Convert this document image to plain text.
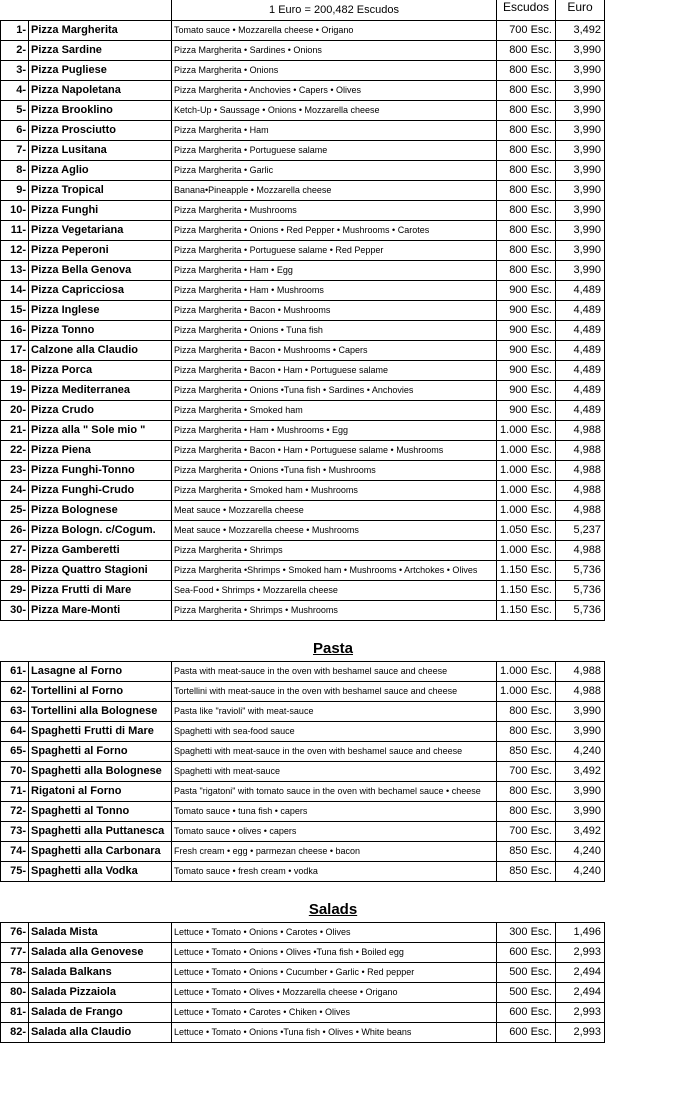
		1 Euro = 200,482 Escudos	Escudos	Euro
1-	Pizza Margherita	Tomato sauce • Mozzarella cheese • Origano	700 Esc.	3,492
2-	Pizza Sardine	Pizza Margherita • Sardines • Onions	800 Esc.	3,990
3-	Pizza Pugliese	Pizza Margherita • Onions	800 Esc.	3,990
4-	Pizza Napoletana	Pizza Margherita • Anchovies • Capers • Olives	800 Esc.	3,990
5-	Pizza Brooklino	Ketch-Up • Saussage • Onions • Mozzarella cheese	800 Esc.	3,990
6-	Pizza Prosciutto	Pizza Margherita • Ham	800 Esc.	3,990
7-	Pizza Lusitana	Pizza Margherita • Portuguese salame	800 Esc.	3,990
8-	Pizza Aglio	Pizza Margherita • Garlic	800 Esc.	3,990
9-	Pizza Tropical	Banana•Pineapple • Mozzarella cheese	800 Esc.	3,990
10-	Pizza Funghi	Pizza Margherita • Mushrooms	800 Esc.	3,990
11-	Pizza Vegetariana	Pizza Margherita • Onions • Red Pepper • Mushrooms • Carotes	800 Esc.	3,990
12-	Pizza Peperoni	Pizza Margherita • Portuguese salame • Red Pepper	800 Esc.	3,990
13-	Pizza Bella Genova	Pizza Margherita • Ham • Egg	800 Esc.	3,990
14-	Pizza Capricciosa	Pizza Margherita • Ham • Mushrooms	900 Esc.	4,489
15-	Pizza Inglese	Pizza Margherita • Bacon • Mushrooms	900 Esc.	4,489
16-	Pizza Tonno	Pizza Margherita • Onions • Tuna fish	900 Esc.	4,489
17-	Calzone alla Claudio	Pizza Margherita • Bacon • Mushrooms • Capers	900 Esc.	4,489
18-	Pizza Porca	Pizza Margherita • Bacon • Ham • Portuguese salame	900 Esc.	4,489
19-	Pizza Mediterranea	Pizza Margherita • Onions •Tuna fish • Sardines • Anchovies	900 Esc.	4,489
20-	Pizza Crudo	Pizza Margherita • Smoked ham	900 Esc.	4,489
21-	Pizza alla " Sole mio "	Pizza Margherita • Ham • Mushrooms • Egg	1.000 Esc.	4,988
22-	Pizza Piena	Pizza Margherita • Bacon • Ham • Portuguese salame • Mushrooms	1.000 Esc.	4,988
23-	Pizza Funghi-Tonno	Pizza Margherita • Onions •Tuna fish • Mushrooms	1.000 Esc.	4,988
24-	Pizza Funghi-Crudo	Pizza Margherita • Smoked ham • Mushrooms	1.000 Esc.	4,988
25-	Pizza Bolognese	Meat sauce • Mozzarella cheese	1.000 Esc.	4,988
26-	Pizza Bologn. c/Cogum.	Meat sauce • Mozzarella cheese • Mushrooms	1.050 Esc.	5,237
27-	Pizza Gamberetti	Pizza Margherita • Shrimps	1.000 Esc.	4,988
28-	Pizza Quattro Stagioni	Pizza Margherita •Shrimps • Smoked ham • Mushrooms • Artchokes • Olives	1.150 Esc.	5,736
29-	Pizza Frutti di Mare	Sea-Food • Shrimps • Mozzarella cheese	1.150 Esc.	5,736
30-	Pizza Mare-Monti	Pizza Margherita • Shrimps • Mushrooms	1.150 Esc.	5,736
Pasta
61-	Lasagne al Forno	Pasta with meat-sauce in the oven with beshamel sauce and cheese	1.000 Esc.	4,988
62-	Tortellini al Forno	Tortellini with meat-sauce in the oven with beshamel sauce and cheese	1.000 Esc.	4,988
63-	Tortellini alla Bolognese	Pasta like "ravioli" with meat-sauce	800 Esc.	3,990
64-	Spaghetti Frutti di Mare	Spaghetti with sea-food sauce	800 Esc.	3,990
65-	Spaghetti al Forno	Spaghetti with meat-sauce in the oven with beshamel sauce and cheese	850 Esc.	4,240
70-	Spaghetti alla Bolognese	Spaghetti with meat-sauce	700 Esc.	3,492
71-	Rigatoni al Forno	Pasta "rigatoni" with tomato sauce in the oven with bechamel sauce • cheese	800 Esc.	3,990
72-	Spaghetti al Tonno	Tomato sauce • tuna fish • capers	800 Esc.	3,990
73-	Spaghetti alla Puttanesca	Tomato sauce • olives • capers	700 Esc.	3,492
74-	Spaghetti alla Carbonara	Fresh cream • egg • parmezan cheese • bacon	850 Esc.	4,240
75-	Spaghetti alla Vodka	Tomato sauce • fresh cream • vodka	850 Esc.	4,240
Salads
76-	Salada Mista	Lettuce • Tomato • Onions • Carotes • Olives	300 Esc.	1,496
77-	Salada alla Genovese	Lettuce • Tomato • Onions • Olives •Tuna fish • Boiled egg	600 Esc.	2,993
78-	Salada Balkans	Lettuce • Tomato • Onions • Cucumber • Garlic • Red pepper	500 Esc.	2,494
80-	Salada Pizzaiola	Lettuce • Tomato • Olives • Mozzarella cheese • Origano	500 Esc.	2,494
81-	Salada de Frango	Lettuce • Tomato • Carotes • Chiken • Olives	600 Esc.	2,993
82-	Salada alla Claudio	Lettuce • Tomato • Onions •Tuna fish • Olives • White beans	600 Esc.	2,993
